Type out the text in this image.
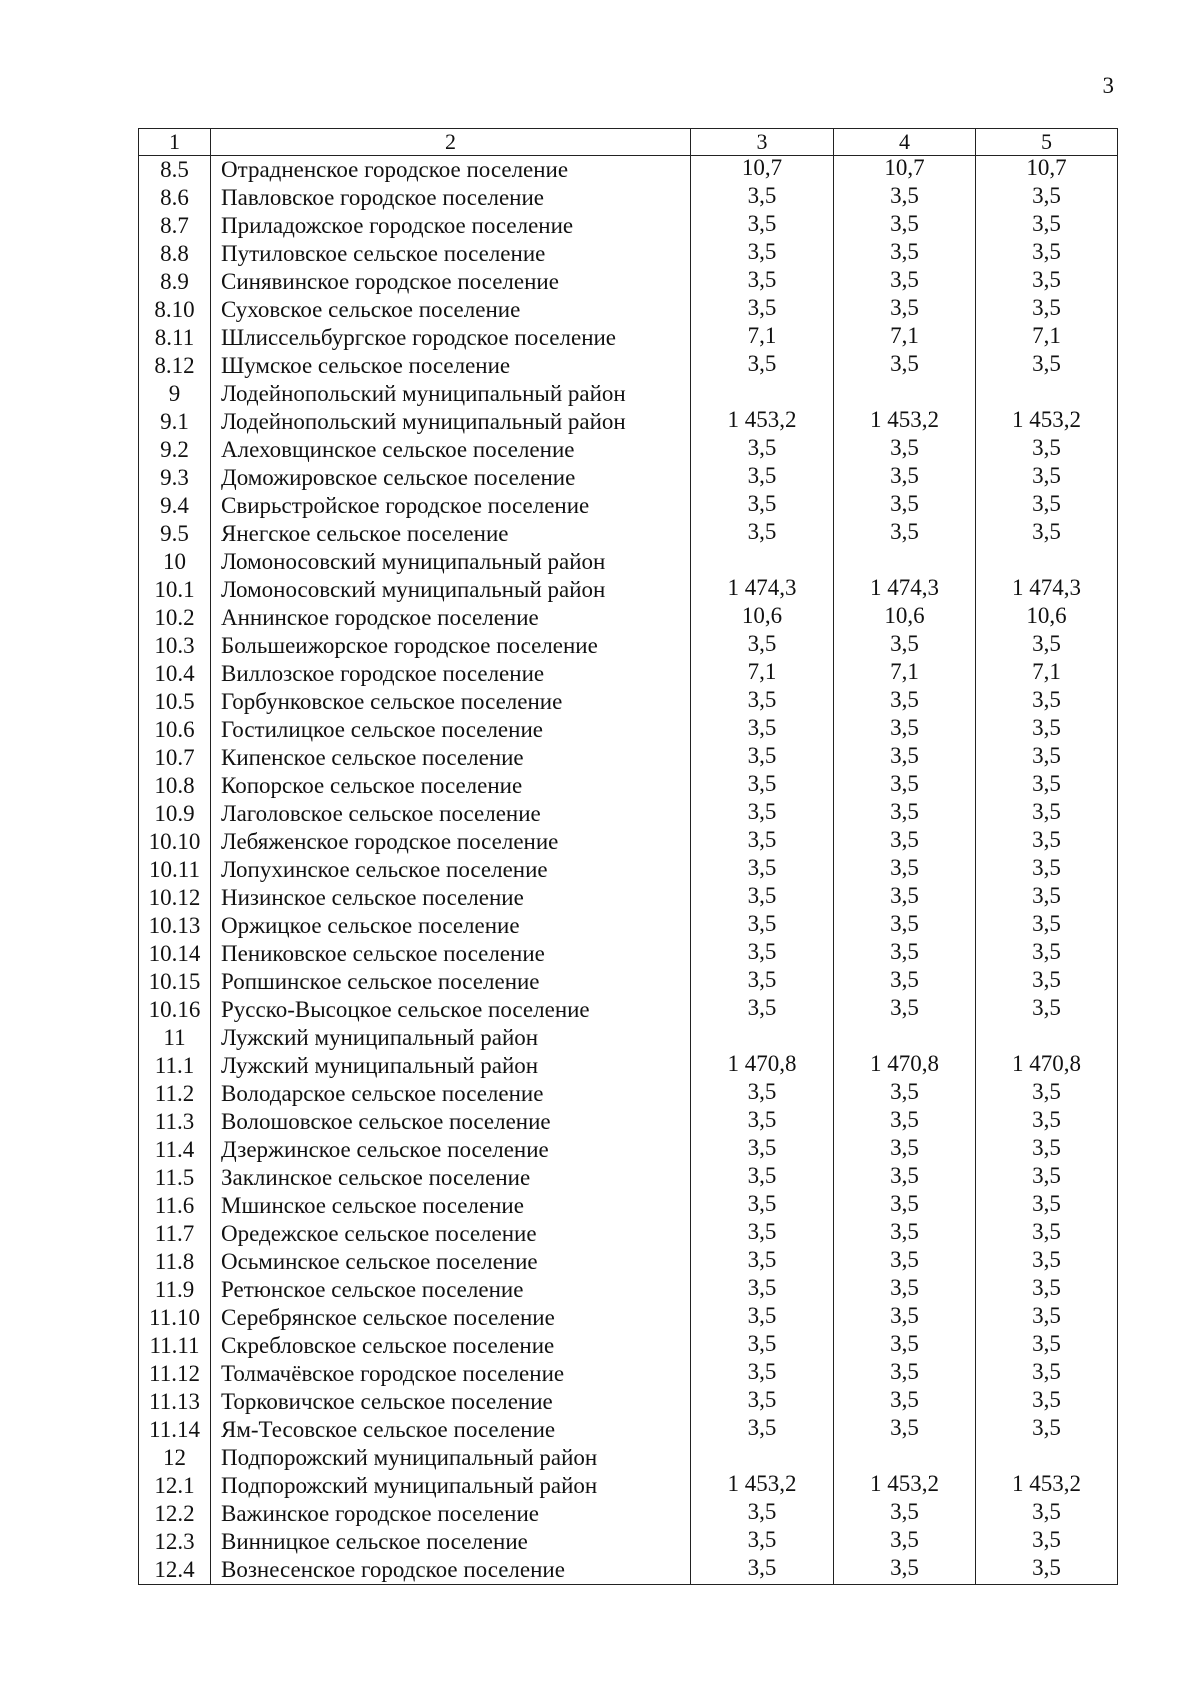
3
1	2	3	4	5
8.5	Отрадненское городское поселение	10,7	10,7	10,7
8.6	Павловское городское поселение	3,5	3,5	3,5
8.7	Приладожское городское поселение	3,5	3,5	3,5
8.8	Путиловское сельское поселение	3,5	3,5	3,5
8.9	Синявинское городское поселение	3,5	3,5	3,5
8.10	Суховское сельское поселение	3,5	3,5	3,5
8.11	Шлиссельбургское городское поселение	7,1	7,1	7,1
8.12	Шумское сельское поселение	3,5	3,5	3,5
9	Лодейнопольский муниципальный район			
9.1	Лодейнопольский муниципальный район	1 453,2	1 453,2	1 453,2
9.2	Алеховщинское сельское поселение	3,5	3,5	3,5
9.3	Доможировское сельское поселение	3,5	3,5	3,5
9.4	Свирьстройское городское поселение	3,5	3,5	3,5
9.5	Янегское сельское поселение	3,5	3,5	3,5
10	Ломоносовский муниципальный район			
10.1	Ломоносовский муниципальный район	1 474,3	1 474,3	1 474,3
10.2	Аннинское городское поселение	10,6	10,6	10,6
10.3	Большеижорское городское поселение	3,5	3,5	3,5
10.4	Виллозское городское поселение	7,1	7,1	7,1
10.5	Горбунковское сельское поселение	3,5	3,5	3,5
10.6	Гостилицкое сельское поселение	3,5	3,5	3,5
10.7	Кипенское сельское поселение	3,5	3,5	3,5
10.8	Копорское сельское поселение	3,5	3,5	3,5
10.9	Лаголовское сельское поселение	3,5	3,5	3,5
10.10	Лебяженское городское поселение	3,5	3,5	3,5
10.11	Лопухинское сельское поселение	3,5	3,5	3,5
10.12	Низинское сельское поселение	3,5	3,5	3,5
10.13	Оржицкое сельское поселение	3,5	3,5	3,5
10.14	Пениковское сельское поселение	3,5	3,5	3,5
10.15	Ропшинское сельское поселение	3,5	3,5	3,5
10.16	Русско-Высоцкое сельское поселение	3,5	3,5	3,5
11	Лужский муниципальный район			
11.1	Лужский муниципальный район	1 470,8	1 470,8	1 470,8
11.2	Володарское сельское поселение	3,5	3,5	3,5
11.3	Волошовское сельское поселение	3,5	3,5	3,5
11.4	Дзержинское сельское поселение	3,5	3,5	3,5
11.5	Заклинское сельское поселение	3,5	3,5	3,5
11.6	Мшинское сельское поселение	3,5	3,5	3,5
11.7	Оредежское сельское поселение	3,5	3,5	3,5
11.8	Осьминское сельское поселение	3,5	3,5	3,5
11.9	Ретюнское сельское поселение	3,5	3,5	3,5
11.10	Серебрянское сельское поселение	3,5	3,5	3,5
11.11	Скребловское сельское поселение	3,5	3,5	3,5
11.12	Толмачёвское городское поселение	3,5	3,5	3,5
11.13	Торковичское сельское поселение	3,5	3,5	3,5
11.14	Ям-Тесовское сельское поселение	3,5	3,5	3,5
12	Подпорожский муниципальный район			
12.1	Подпорожский муниципальный район	1 453,2	1 453,2	1 453,2
12.2	Важинское городское поселение	3,5	3,5	3,5
12.3	Винницкое сельское поселение	3,5	3,5	3,5
12.4	Вознесенское городское поселение	3,5	3,5	3,5
